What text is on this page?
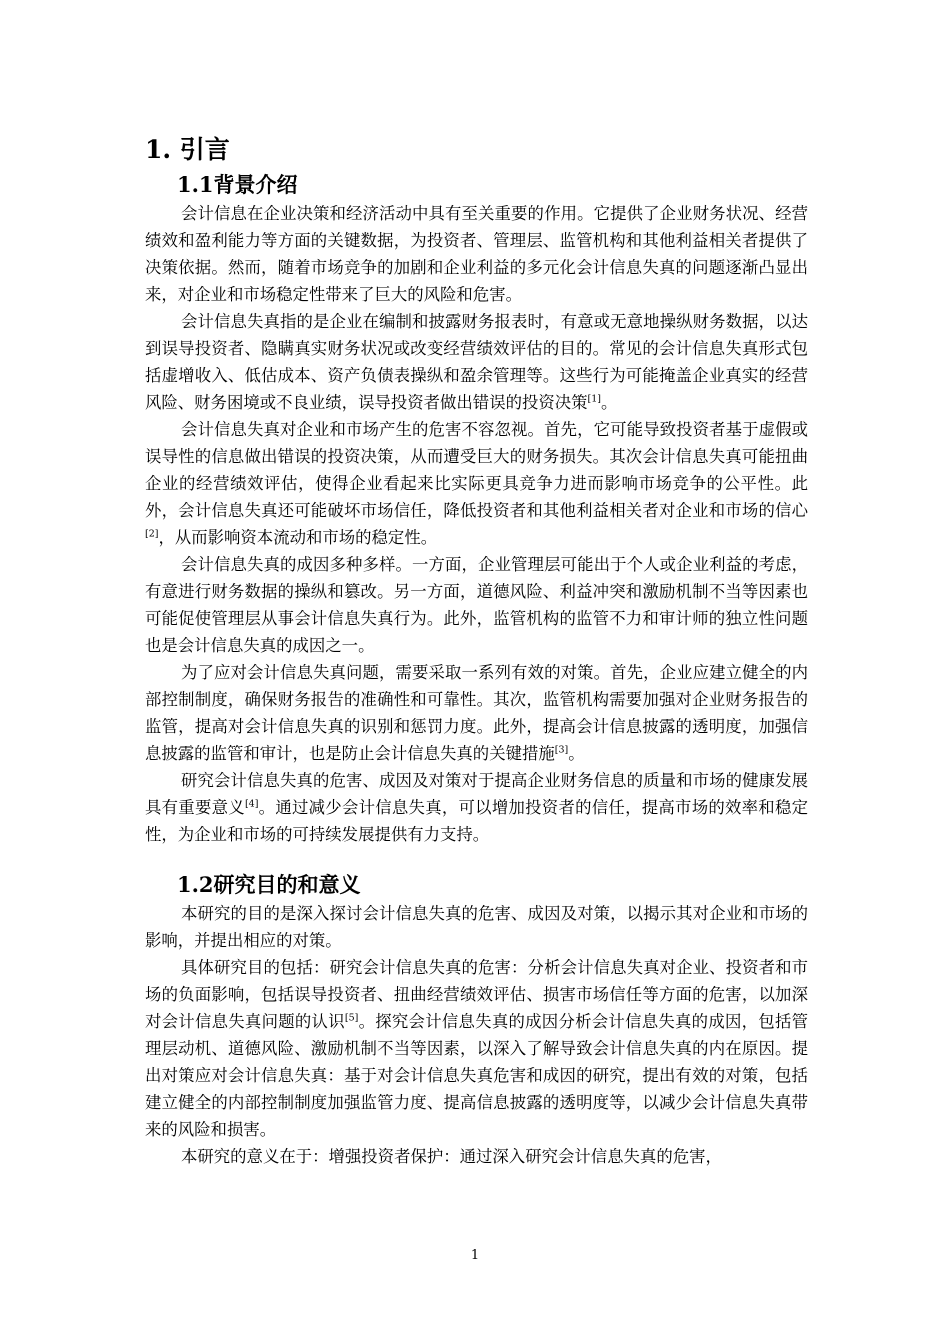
1. 引言
1.1背景介绍

会计信息在企业决策和经济活动中具有至关重要的作用。它提供了企业财务状况、经营绩效和盈利能力等方面的关键数据，为投资者、管理层、监管机构和其他利益相关者提供了决策依据。然而，随着市场竞争的加剧和企业利益的多元化会计信息失真的问题逐渐凸显出来，对企业和市场稳定性带来了巨大的风险和危害。

会计信息失真指的是企业在编制和披露财务报表时，有意或无意地操纵财务数据，以达到误导投资者、隐瞒真实财务状况或改变经营绩效评估的目的。常见的会计信息失真形式包括虚增收入、低估成本、资产负债表操纵和盈余管理等。这些行为可能掩盖企业真实的经营风险、财务困境或不良业绩，误导投资者做出错误的投资决策[1]。

会计信息失真对企业和市场产生的危害不容忽视。首先，它可能导致投资者基于虚假或误导性的信息做出错误的投资决策，从而遭受巨大的财务损失。其次会计信息失真可能扭曲企业的经营绩效评估，使得企业看起来比实际更具竞争力进而影响市场竞争的公平性。此外，会计信息失真还可能破坏市场信任，降低投资者和其他利益相关者对企业和市场的信心[2]，从而影响资本流动和市场的稳定性。

会计信息失真的成因多种多样。一方面，企业管理层可能出于个人或企业利益的考虑，有意进行财务数据的操纵和篡改。另一方面，道德风险、利益冲突和激励机制不当等因素也可能促使管理层从事会计信息失真行为。此外，监管机构的监管不力和审计师的独立性问题也是会计信息失真的成因之一。

为了应对会计信息失真问题，需要采取一系列有效的对策。首先，企业应建立健全的内部控制制度，确保财务报告的准确性和可靠性。其次，监管机构需要加强对企业财务报告的监管，提高对会计信息失真的识别和惩罚力度。此外，提高会计信息披露的透明度，加强信息披露的监管和审计，也是防止会计信息失真的关键措施[3]。

研究会计信息失真的危害、成因及对策对于提高企业财务信息的质量和市场的健康发展具有重要意义[4]。通过减少会计信息失真，可以增加投资者的信任，提高市场的效率和稳定性，为企业和市场的可持续发展提供有力支持。

1.2研究目的和意义

本研究的目的是深入探讨会计信息失真的危害、成因及对策，以揭示其对企业和市场的影响，并提出相应的对策。

具体研究目的包括：研究会计信息失真的危害：分析会计信息失真对企业、投资者和市场的负面影响，包括误导投资者、扭曲经营绩效评估、损害市场信任等方面的危害，以加深对会计信息失真问题的认识[5]。探究会计信息失真的成因分析会计信息失真的成因，包括管理层动机、道德风险、激励机制不当等因素，以深入了解导致会计信息失真的内在原因。提出对策应对会计信息失真：基于对会计信息失真危害和成因的研究，提出有效的对策，包括建立健全的内部控制制度加强监管力度、提高信息披露的透明度等，以减少会计信息失真带来的风险和损害。

本研究的意义在于：增强投资者保护：通过深入研究会计信息失真的危害，

1
